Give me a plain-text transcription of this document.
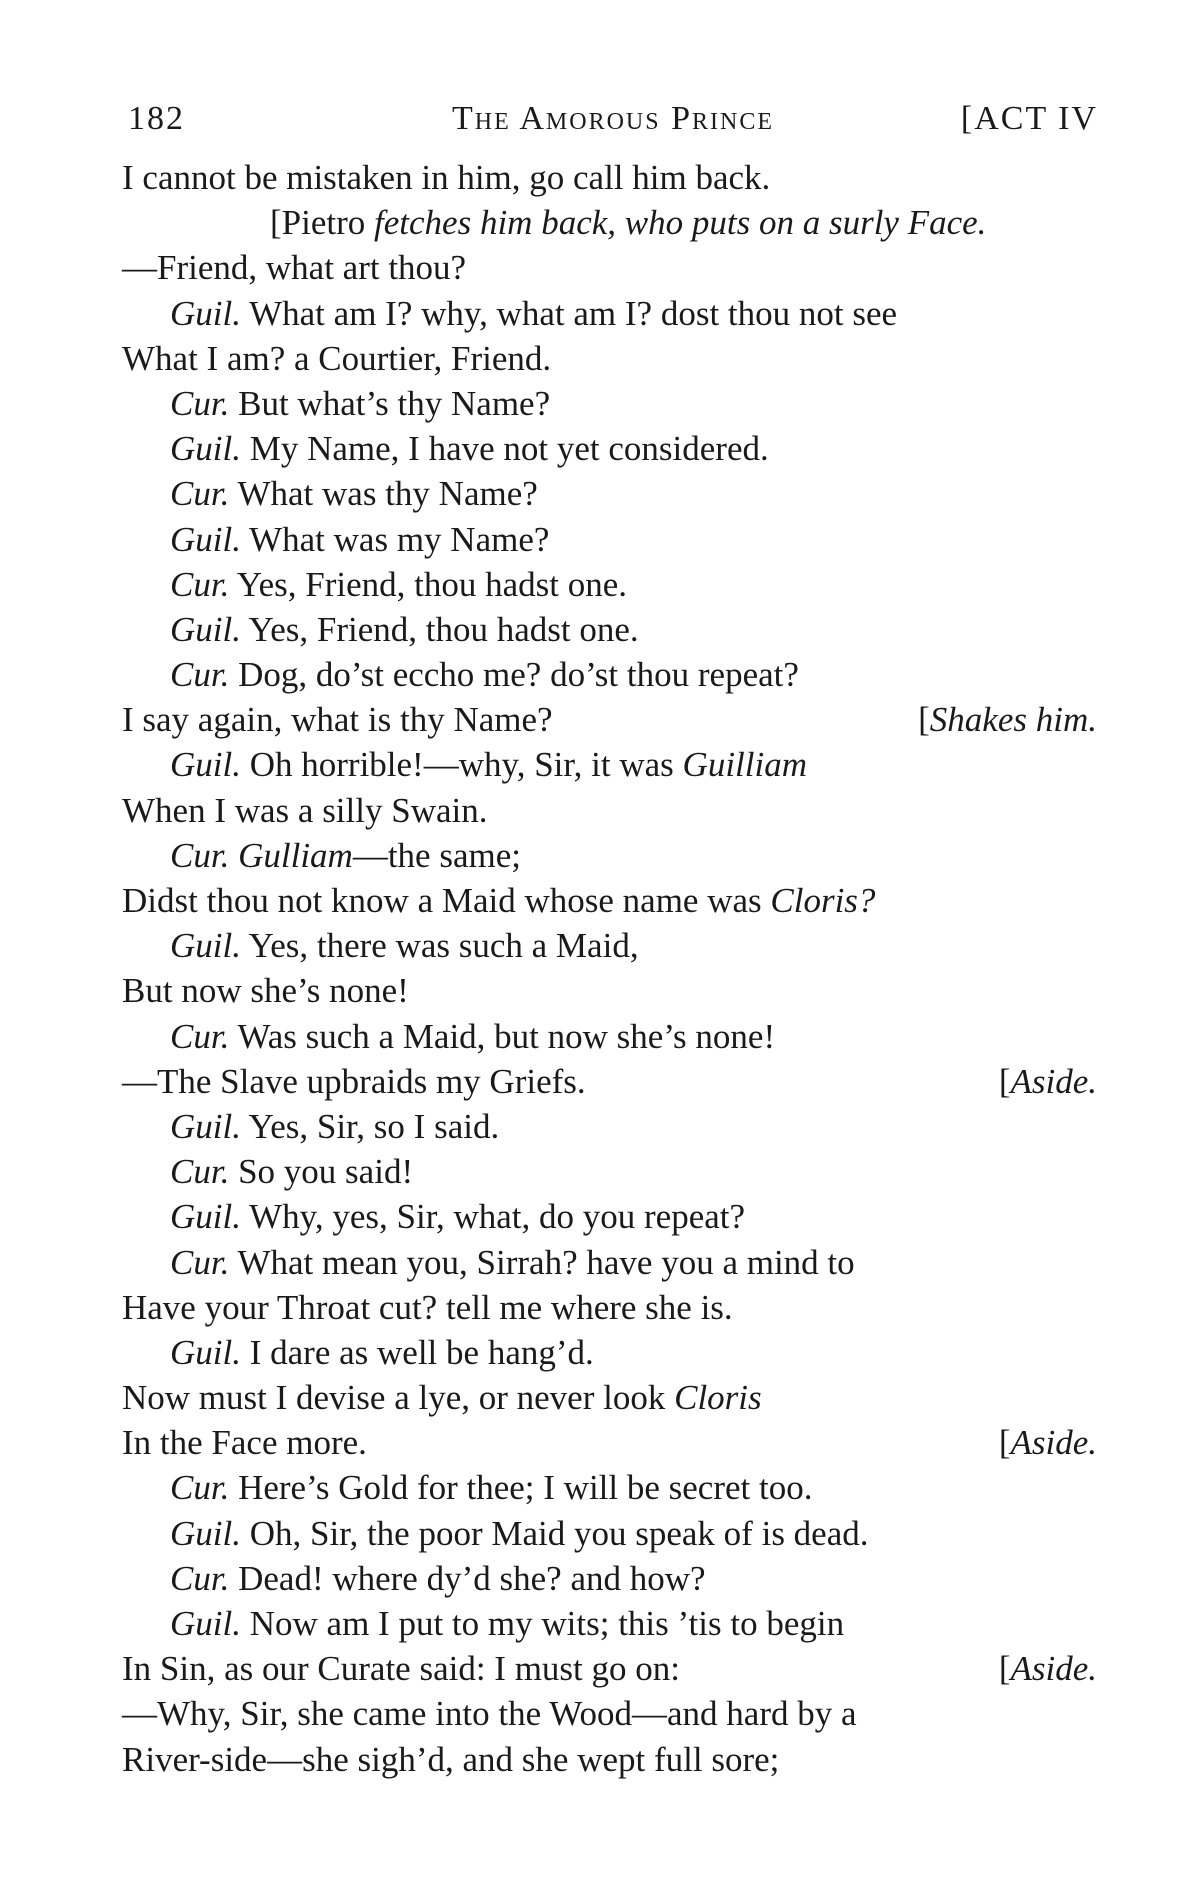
182	The Amorous Prince	[ACT IV
I cannot be mistaken in him, go call him back.
[Pietro fetches him back, who puts on a surly Face.
—Friend, what art thou?
Guil. What am I? why, what am I? dost thou not see
What I am? a Courtier, Friend.
Cur. But what’s thy Name?
Guil. My Name, I have not yet considered.
Cur. What was thy Name?
Guil. What was my Name?
Cur. Yes, Friend, thou hadst one.
Guil. Yes, Friend, thou hadst one.
Cur. Dog, do’st eccho me? do’st thou repeat?
I say again, what is thy Name?	[Shakes him.
Guil. Oh horrible!—why, Sir, it was Guilliam
When I was a silly Swain.
Cur. Gulliam—the same;
Didst thou not know a Maid whose name was Cloris?
Guil. Yes, there was such a Maid,
But now she’s none!
Cur. Was such a Maid, but now she’s none!
—The Slave upbraids my Griefs.	[Aside.
Guil. Yes, Sir, so I said.
Cur. So you said!
Guil. Why, yes, Sir, what, do you repeat?
Cur. What mean you, Sirrah? have you a mind to
Have your Throat cut? tell me where she is.
Guil. I dare as well be hang’d.
Now must I devise a lye, or never look Cloris
In the Face more.	[Aside.
Cur. Here’s Gold for thee; I will be secret too.
Guil. Oh, Sir, the poor Maid you speak of is dead.
Cur. Dead! where dy’d she? and how?
Guil. Now am I put to my wits; this ’tis to begin
In Sin, as our Curate said: I must go on:	[Aside.
—Why, Sir, she came into the Wood—and hard by a
River-side—she sigh’d, and she wept full sore;
